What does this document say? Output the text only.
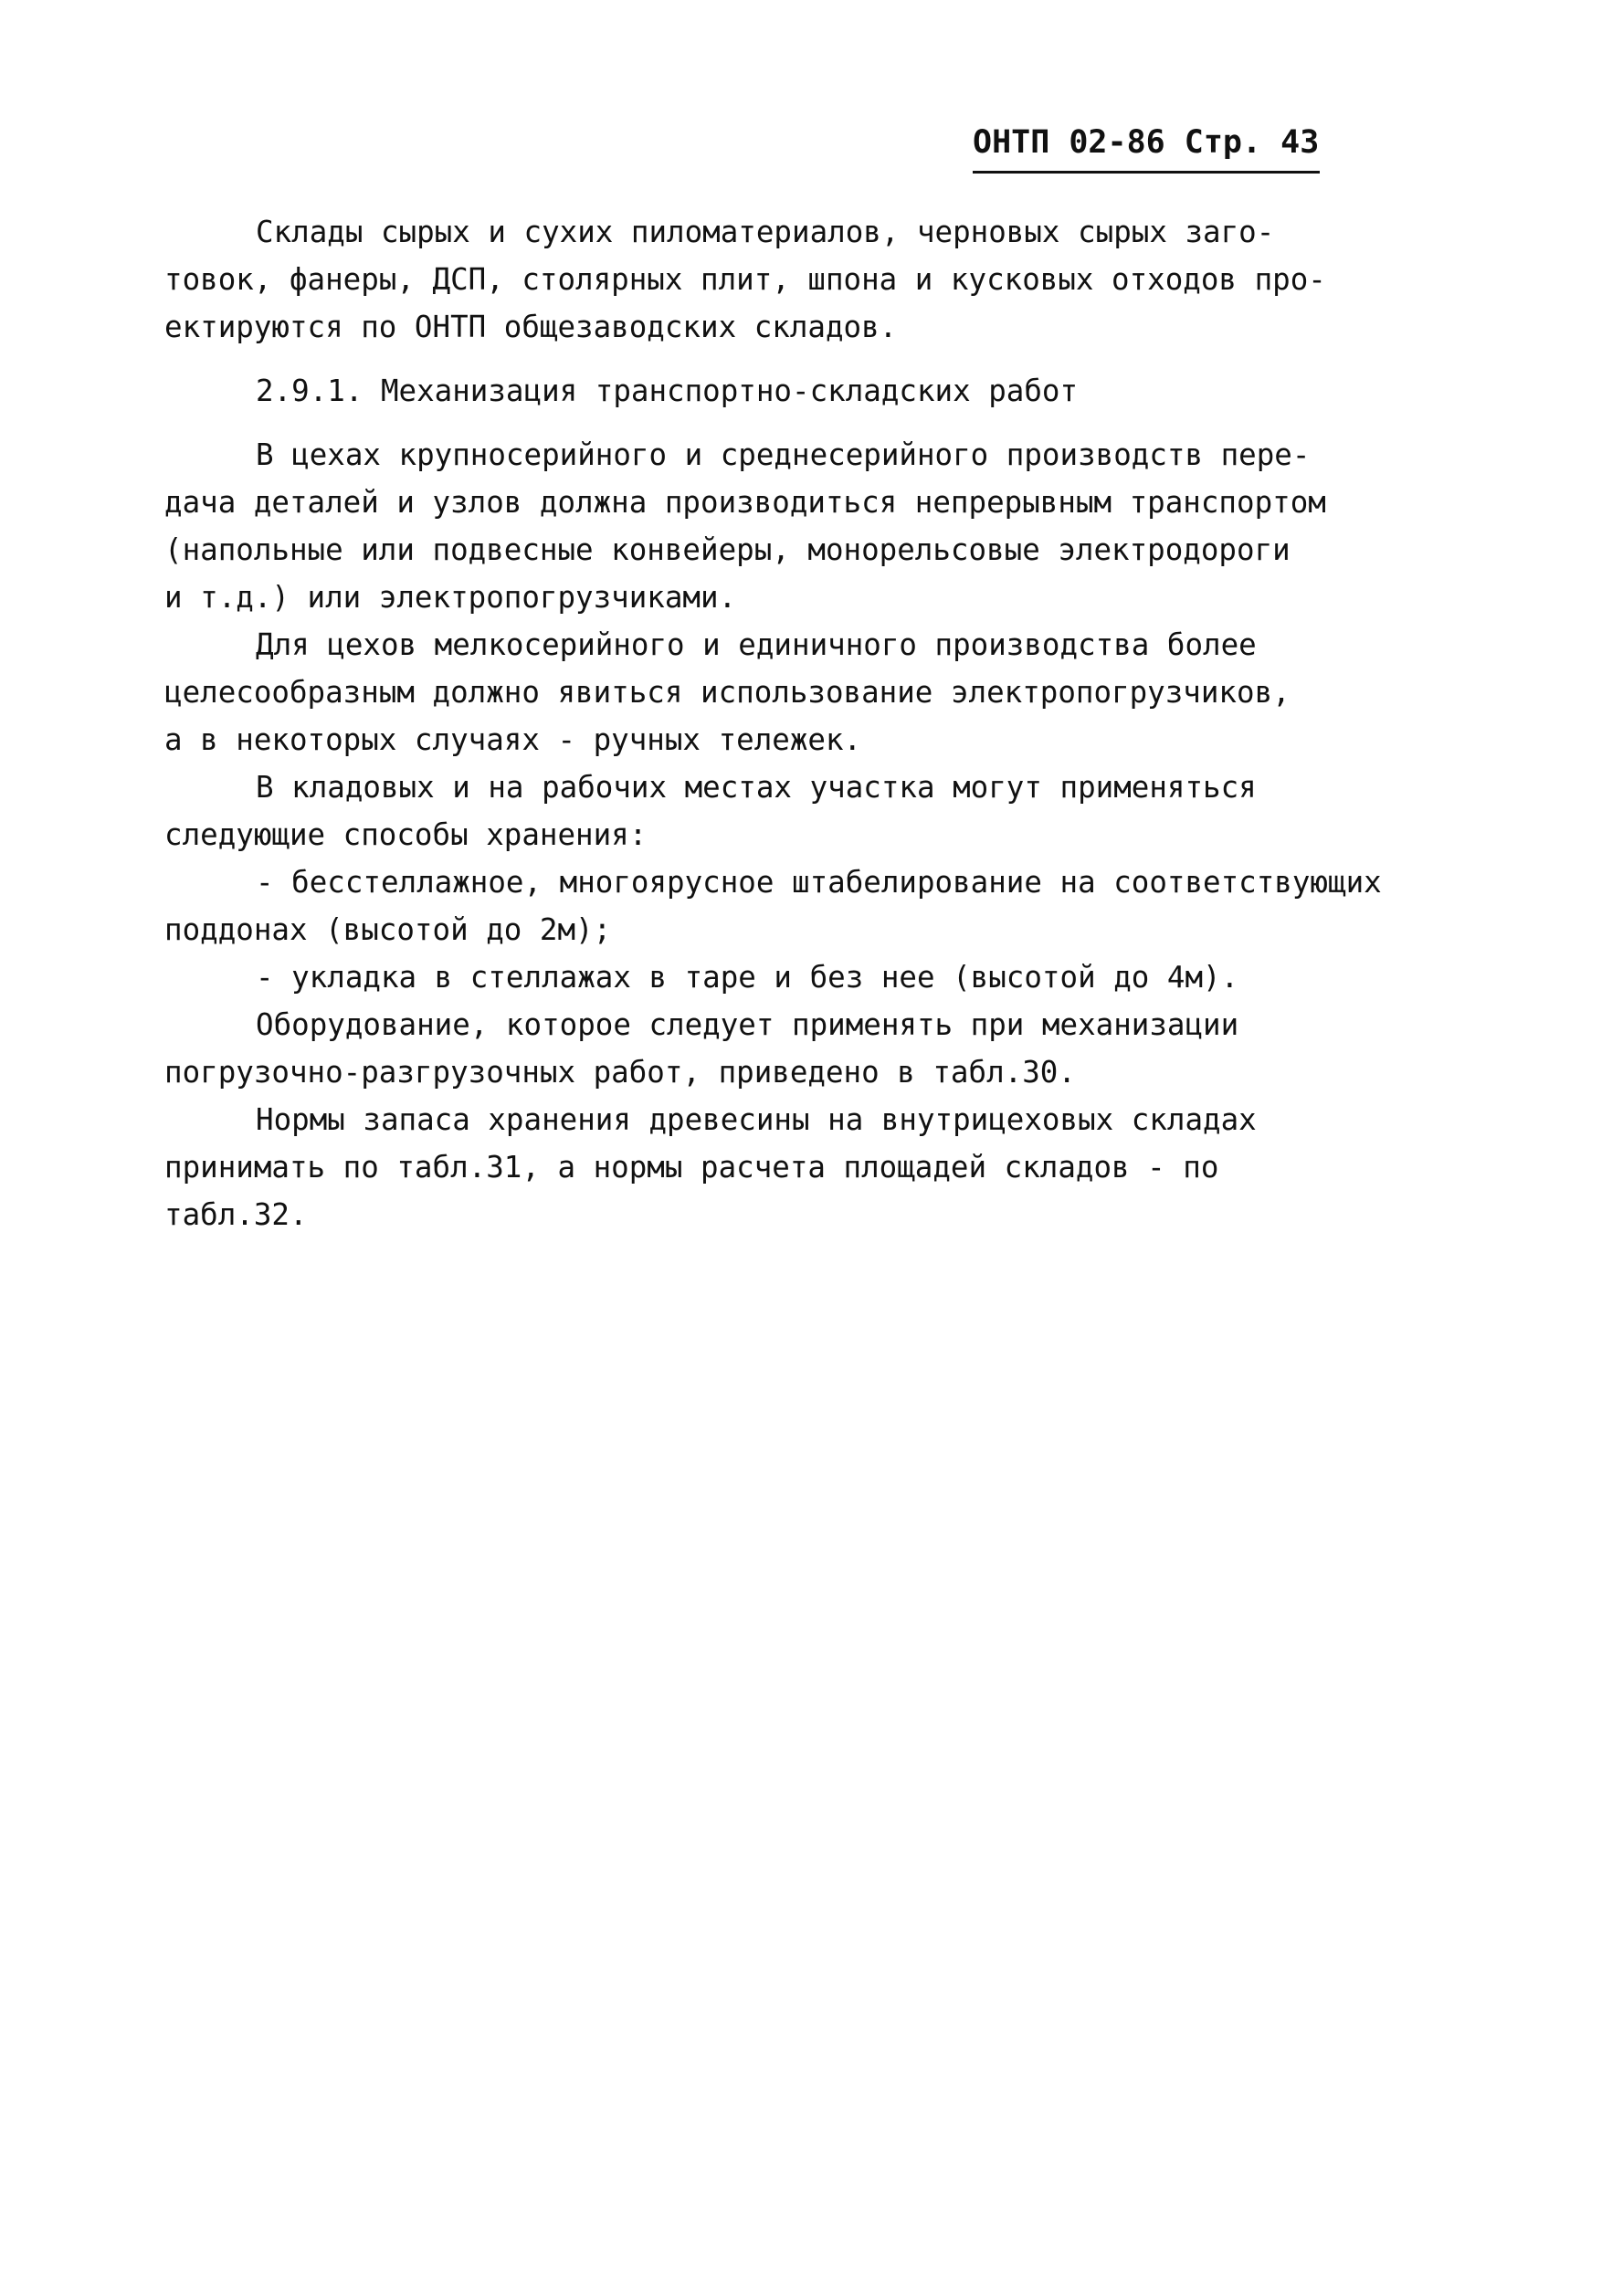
ОНТП 02-86 Стр. 43
Склады сырых и сухих пиломатериалов, черновых сырых заго-
товок, фанеры, ДСП, столярных плит, шпона и кусковых отходов про-
ектируются по ОНТП общезаводских складов.
2.9.1. Механизация транспортно-складских работ
В цехах крупносерийного и среднесерийного производств пере-
дача деталей и узлов должна производиться непрерывным транспортом
(напольные или подвесные конвейеры, монорельсовые электродороги
и т.д.) или электропогрузчиками.
Для цехов мелкосерийного и единичного производства более
целесообразным должно явиться использование электропогрузчиков,
а в некоторых случаях - ручных тележек.
В кладовых и на рабочих местах участка могут применяться
следующие способы хранения:
- бесстеллажное, многоярусное штабелирование на соответствующих
поддонах (высотой до 2м);
- укладка в стеллажах в таре и без нее (высотой до 4м).
Оборудование, которое следует применять при механизации
погрузочно-разгрузочных работ, приведено в табл.30.
Нормы запаса хранения древесины на внутрицеховых складах
принимать по табл.31, а нормы расчета площадей складов - по
табл.32.
